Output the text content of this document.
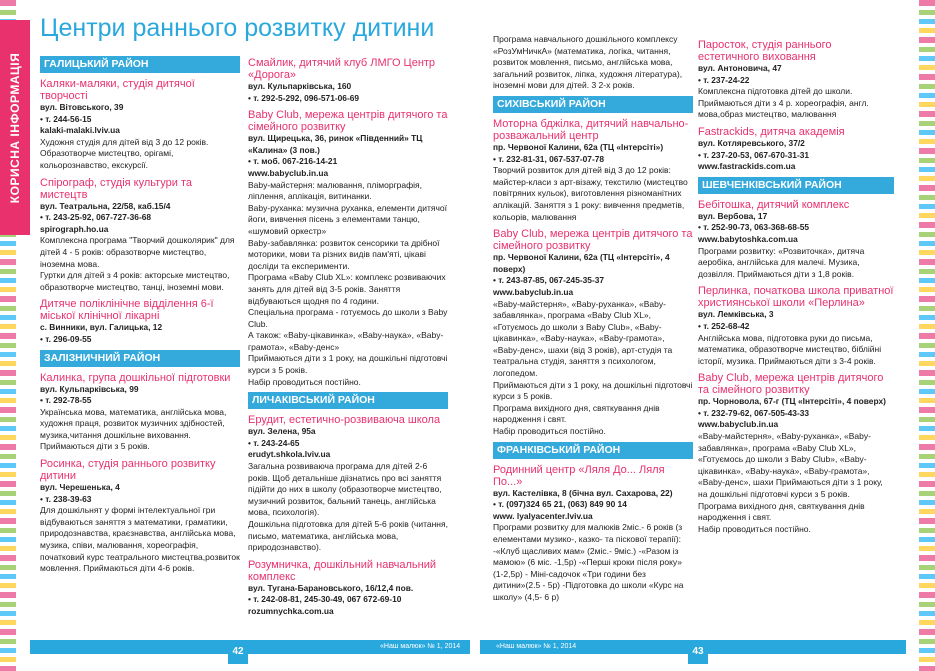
КОРИСНА ІНФОРМАЦІЯ
Центри раннього розвитку дитини
ГАЛИЦЬКИЙ РАЙОН
Каляки-маляки, студія дитячої творчості
вул. Вітовського, 39
• т. 244-56-15
kalaki-malaki.lviv.ua
Художня студія для дітей від 3 до 12 років. Образотворче мистецтво, орігамі, кольорознавство, екскурсії.
Спірограф, студія культури та мистецтв
вул. Театральна, 22/58, каб.15/4
• т. 243-25-92, 067-727-36-68
spirograph.ho.ua
Комплексна програма "Творчий дошколярик" для дітей 4 - 5 років: образотворче мистецтво, іноземна мова.
Гуртки для дітей з 4 років: акторське мистецтво, образотворче мистецтво, танці, іноземні мови.
Дитяче поліклінічне відділення 6-ї міської клінічної лікарні
с. Винники, вул. Галицька, 12
• т. 296-09-55
ЗАЛІЗНИЧНИЙ РАЙОН
Калинка, група дошкільної підготовки
вул. Кульпарківська, 99
• т. 292-78-55
Українська мова, математика, англійська мова, художня праця, розвиток музичних здібностей, музика,читання дошкільне виховання. Приймаються діти з 5 років.
Росинка, студія раннього розвитку дитини
вул. Черешенька, 4
• т. 238-39-63
Для дошкільнят у формі інтелектуальної гри відбуваються заняття з математики, граматики, природознавства, краєзнавства, англійська мова, музика, співи, малювання, хореографія, початковий курс театрального мистецтва,розвиток мовлення. Приймаються діти 4-6 років.
Смайлик, дитячий клуб ЛМГО Центр «Дорога»
вул. Кульпарківська, 160
• т. 292-5-292, 096-571-06-69
Baby Club, мережа центрів дитячого та сімейного розвитку
вул. Щирецька, 36, ринок «Південний» ТЦ «Калина» (3 пов.)
• т. моб. 067-216-14-21
www.babyclub.in.ua
Baby-майстерня: малювання, пліморграфія, ліплення, аплікація, витинанки.
Baby-руханка: музична руханка, елементи дитячої йоги, вивчення пісень з елементами танцю, «шумовий оркестр»
Baby-забавлянка: розвиток сенсорики та дрібної моторики, мови та різних видів пам'яті, цікаві досліди та експерименти.
Програма «Baby Club XL»: комплекс розвиваючих занять для дітей від 3-5 років. Заняття відбуваються щодня по 4 години.
Спеціальна програма - готуємось до школи з Baby Club.
А також: «Baby-цікавинка», «Baby-наука», «Baby-грамота», «Baby-денс»
Приймаються діти з 1 року, на дошкільні підготовчі курси з 5 років.
Набір проводиться постійно.
ЛИЧАКІВСЬКИЙ РАЙОН
Ерудит, естетично-розвиваюча школа
вул. Зелена, 95а
• т. 243-24-65
erudyt.shkola.lviv.ua
Загальна розвиваюча програма для дітей 2-6 років. Щоб детальніше діізнатись про всі заняття підійти до них в школу (образотворче мистецтво, музичний розвиток, бальний танець, англійська мова, психологія).
Дошкільна підготовка для дітей 5-6 років (читання, письмо, математика, англійська мова, природознавство).
Розумничка, дошкільний навчальний комплекс
вул. Тугана-Барановського, 16/12,4 пов.
• т. 242-08-81, 245-30-49, 067 672-69-10
rozumnychka.com.ua
Програма навчального дошкільного комплексу «РозУмНичкА» (математика, логіка, читання, розвиток мовлення, письмо, англійська мова, загальний розвиток, ліпка, художня література), іноземні мови для дітей. 3 2-х років.
СИХІВСЬКИЙ РАЙОН
Моторна бджілка, дитячий навчально-розважальний центр
пр. Червоної Калини, 62а (ТЦ «Інтерсіті»)
• т. 232-81-31, 067-537-07-78
Творчий розвиток для дітей від 3 до 12 років: майстер-класи з арт-візажу, текстилю (мистецтво повітряних кульок), виготовлення різноманітних аплікацій. Заняття з 1 року: вивчення предметів, кольорів, малювання
Baby Club, мережа центрів дитячого та сімейного розвитку
пр. Червоної Калини, 62а (ТЦ «Інтерсіті», 4 поверх)
• т. 243-87-85, 067-245-35-37
www.babyclub.in.ua
«Baby-майстерня», «Baby-руханка», «Baby-забавлянка», програма «Baby Club XL», «Готуємось до школи з Baby Club», «Baby-цікавинка», «Baby-наука», «Baby-грамота», «Baby-денс», шахи (від 3 років), арт-студія та театральна студія, заняття з психологом, логопедом.
Приймаються діти з 1 року, на дошкільні підготовчі курси з 5 років.
Програма вихідного дня, святкування днів народження і свят.
Набір проводиться постійно.
ФРАНКІВСЬКИЙ РАЙОН
Родинний центр «Ляля До... Ляля По...»
вул. Кастелівка, 8 (бічна вул. Сахарова, 22)
• т. (097)324 65 21, (063) 849 90 14
www. lyalyacenter.lviv.ua
Програми розвитку для малюків 2міс.- 6 років (з елементами музико-, казко- та піскової терапії): -«Клуб щасливих мам» (2міс.- 9міс.) -«Разом із мамою» (6 міс. -1,5р) -«Перші кроки після року» (1-2,5р) - Міні-садочок «Три години без дитини»(2.5 - 5р) -Підготовка до школи «Курс на школу» (4,5- 6 р)
Паросток, студія раннього естетичного виховання
вул. Антоновича, 47
• т. 237-24-22
Комплексна підготовка дітей до школи. Приймаються діти з 4 р. хореографія, англ. мова,образ мистецтво, малювання
Fastrackids, дитяча академія
вул. Котляревського, 37/2
• т. 237-20-53, 067-670-31-31
www.fastrackids.com.ua
ШЕВЧЕНКІВСЬКИЙ РАЙОН
Бебітошка, дитячий комплекс
вул. Вербова, 17
• т. 252-90-73, 063-368-68-55
www.babytoshka.com.ua
Програми розвитку: «Розвиточка», дитяча аеробіка, англійська для малечі. Музика, дозвілля. Приймаються діти з 1,8 років.
Перлинка, початкова школа приватної християнської школи «Перлина»
вул. Лемківська, 3
• т. 252-68-42
Англійська мова, підготовка руки до письма, математика, образотворче мистецтво, біблійні історії, музика. Приймаються діти з 3-4 років.
Baby Club, мережа центрів дитячого та сімейного розвитку
пр. Чорновола, 67-г (ТЦ «Інтерсіті», 4 поверх)
• т. 232-79-62, 067-505-43-33
www.babyclub.in.ua
«Baby-майстерня», «Baby-руханка», «Baby-забавлянка», програма «Baby Club XL», «Готуємось до школи з Baby Club», «Baby-цікавинка», «Baby-наука», «Baby-грамота», «Baby-денс», шахи Приймаються діти з 1 року, на дошкільні підготовчі курси з 5 років.
Програма вихідного дня, святкування днів народження і свят.
Набір проводиться постійно.
42	43
«Наш малюк» № 1, 2014	«Наш малюк» № 1, 2014
